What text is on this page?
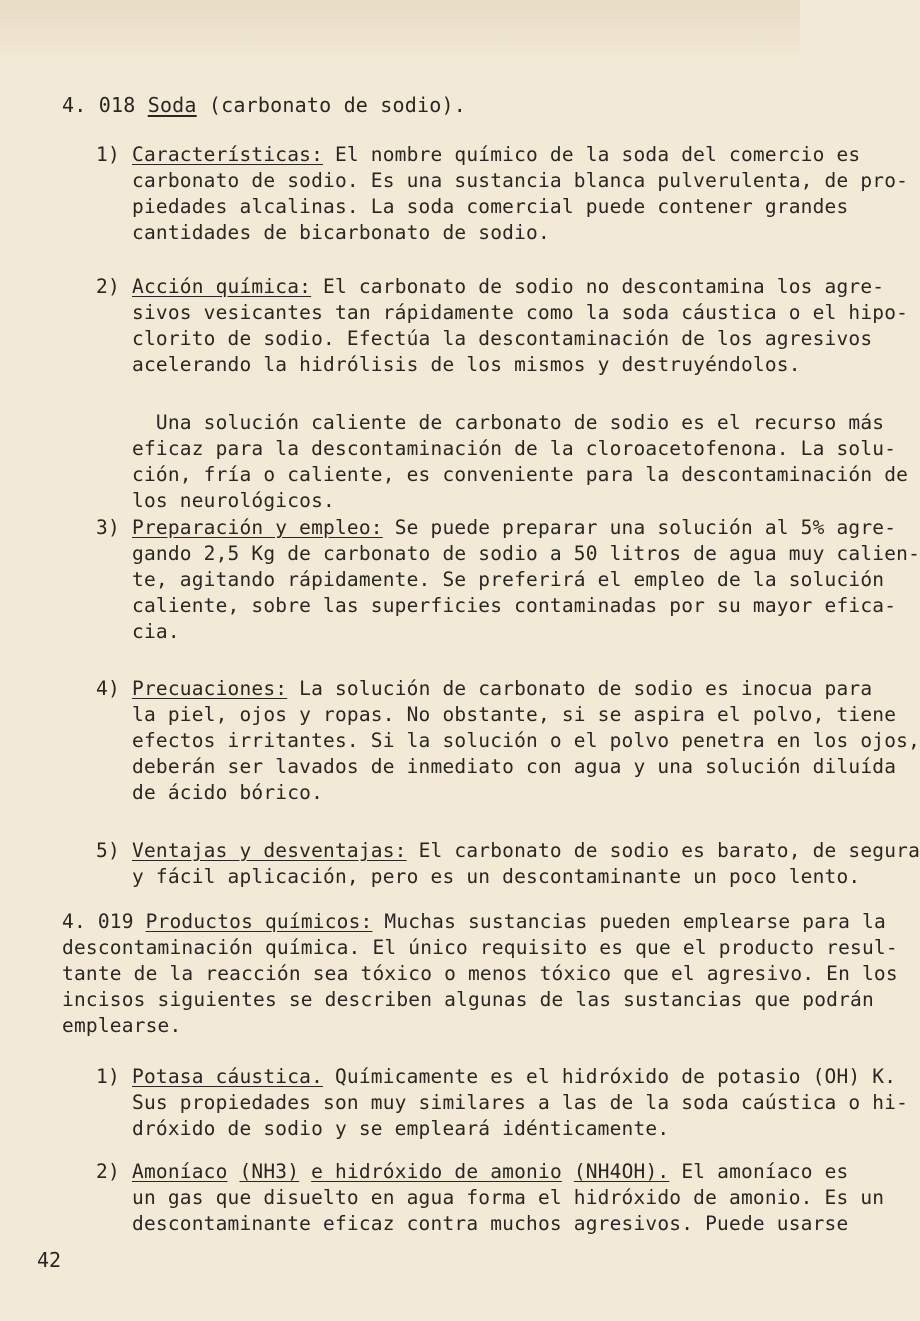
4. 018 Soda (carbonato de sodio).
1) Características: El nombre químico de la soda del comercio es
carbonato de sodio. Es una sustancia blanca pulverulenta, de pro-
piedades alcalinas. La soda comercial puede contener grandes
cantidades de bicarbonato de sodio.
2) Acción química: El carbonato de sodio no descontamina los agre-
sivos vesicantes tan rápidamente como la soda cáustica o el hipo-
clorito de sodio. Efectúa la descontaminación de los agresivos
acelerando la hidrólisis de los mismos y destruyéndolos.
Una solución caliente de carbonato de sodio es el recurso más
eficaz para la descontaminación de la cloroacetofenona. La solu-
ción, fría o caliente, es conveniente para la descontaminación de
los neurológicos.
3) Preparación y empleo: Se puede preparar una solución al 5% agre-
gando 2,5 Kg de carbonato de sodio a 50 litros de agua muy calien-
te, agitando rápidamente. Se preferirá el empleo de la solución
caliente, sobre las superficies contaminadas por su mayor efica-
cia.
4) Precuaciones: La solución de carbonato de sodio es inocua para
la piel, ojos y ropas. No obstante, si se aspira el polvo, tiene
efectos irritantes. Si la solución o el polvo penetra en los ojos,
deberán ser lavados de inmediato con agua y una solución diluída
de ácido bórico.
5) Ventajas y desventajas: El carbonato de sodio es barato, de segura
y fácil aplicación, pero es un descontaminante un poco lento.
4. 019 Productos químicos: Muchas sustancias pueden emplearse para la
descontaminación química. El único requisito es que el producto resul-
tante de la reacción sea tóxico o menos tóxico que el agresivo. En los
incisos siguientes se describen algunas de las sustancias que podrán
emplearse.
1) Potasa cáustica. Químicamente es el hidróxido de potasio (OH) K.
Sus propiedades son muy similares a las de la soda caústica o hi-
dróxido de sodio y se empleará idénticamente.
2) Amoníaco (NH3) e hidróxido de amonio (NH4OH). El amoníaco es
un gas que disuelto en agua forma el hidróxido de amonio. Es un
descontaminante eficaz contra muchos agresivos. Puede usarse
42
